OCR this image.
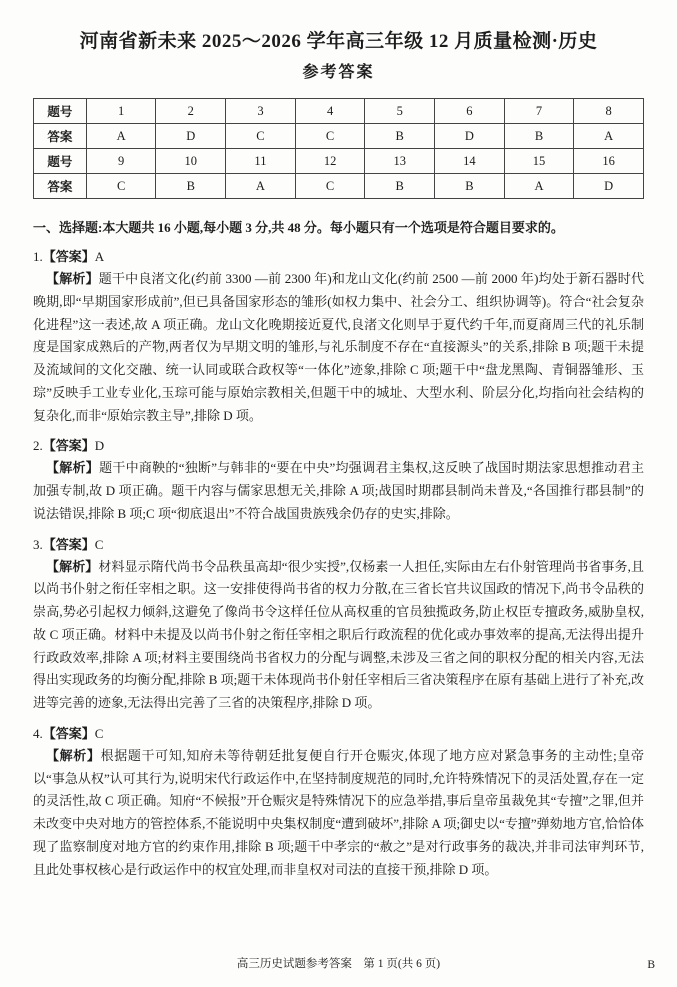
河南省新未来 2025～2026 学年高三年级 12 月质量检测·历史
参考答案
题号	1	2	3	4	5	6	7	8
答案	A	D	C	C	B	D	B	A
题号	9	10	11	12	13	14	15	16
答案	C	B	A	C	B	B	A	D
一、选择题:本大题共 16 小题,每小题 3 分,共 48 分。每小题只有一个选项是符合题目要求的。
1.【答案】A

【解析】题干中良渚文化(约前 3300 —前 2300 年)和龙山文化(约前 2500 —前 2000 年)均处于新石器时代晚期,即“早期国家形成前”,但已具备国家形态的雏形(如权力集中、社会分工、组织协调等)。符合“社会复杂化进程”这一表述,故 A 项正确。龙山文化晚期接近夏代,良渚文化则早于夏代约千年,而夏商周三代的礼乐制度是国家成熟后的产物,两者仅为早期文明的雏形,与礼乐制度不存在“直接源头”的关系,排除 B 项;题干未提及流域间的文化交融、统一认同或联合政权等“一体化”迹象,排除 C 项;题干中“盘龙黑陶、青铜器雏形、玉琮”反映手工业专业化,玉琮可能与原始宗教相关,但题干中的城址、大型水利、阶层分化,均指向社会结构的复杂化,而非“原始宗教主导”,排除 D 项。

2.【答案】D

【解析】题干中商鞅的“独断”与韩非的“要在中央”均强调君主集权,这反映了战国时期法家思想推动君主加强专制,故 D 项正确。题干内容与儒家思想无关,排除 A 项;战国时期郡县制尚未普及,“各国推行郡县制”的说法错误,排除 B 项;C 项“彻底退出”不符合战国贵族残余仍存的史实,排除。

3.【答案】C

【解析】材料显示隋代尚书令品秩虽高却“很少实授”,仅杨素一人担任,实际由左右仆射管理尚书省事务,且以尚书仆射之衔任宰相之职。这一安排使得尚书省的权力分散,在三省长官共议国政的情况下,尚书令品秩的崇高,势必引起权力倾斜,这避免了像尚书令这样任位从高权重的官员独揽政务,防止权臣专擅政务,威胁皇权,故 C 项正确。材料中未提及以尚书仆射之衔任宰相之职后行政流程的优化或办事效率的提高,无法得出提升行政政效率,排除 A 项;材料主要围绕尚书省权力的分配与调整,未涉及三省之间的职权分配的相关内容,无法得出实现政务的均衡分配,排除 B 项;题干未体现尚书仆射任宰相后三省决策程序在原有基础上进行了补充,改进等完善的迹象,无法得出完善了三省的决策程序,排除 D 项。

4.【答案】C

【解析】根据题干可知,知府未等待朝廷批复便自行开仓赈灾,体现了地方应对紧急事务的主动性;皇帝以“事急从权”认可其行为,说明宋代行政运作中,在坚持制度规范的同时,允许特殊情况下的灵活处置,存在一定的灵活性,故 C 项正确。知府“不候报”开仓赈灾是特殊情况下的应急举措,事后皇帝虽裁免其“专擅”之罪,但并未改变中央对地方的管控体系,不能说明中央集权制度“遭到破坏”,排除 A 项;御史以“专擅”弹劾地方官,恰恰体现了监察制度对地方官的约束作用,排除 B 项;题干中孝宗的“赦之”是对行政事务的裁决,并非司法审判环节,且此处事权核心是行政运作中的权宜处理,而非皇权对司法的直接干预,排除 D 项。

高三历史试题参考答案　第 1 页(共 6 页)	B
